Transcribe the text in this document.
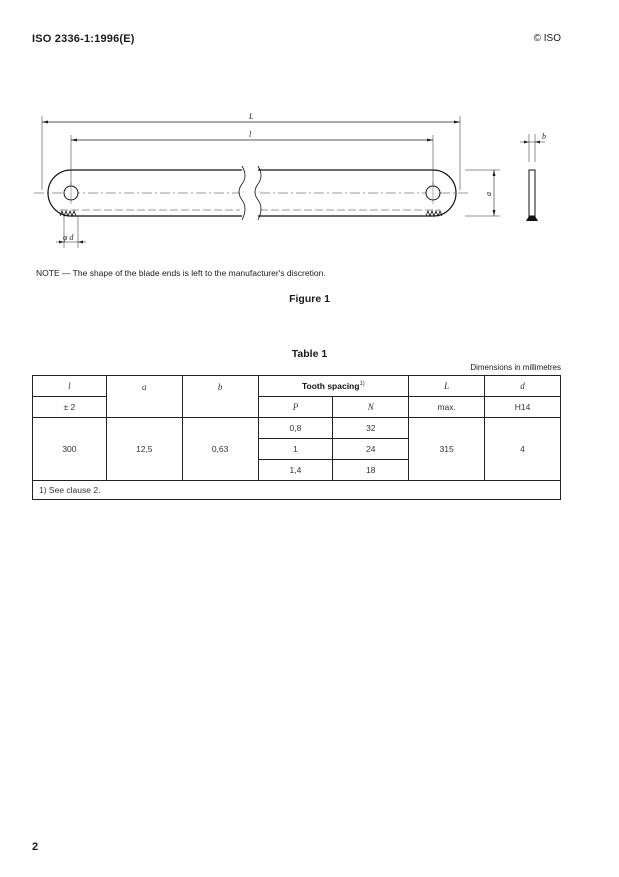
ISO 2336-1:1996(E)	© ISO
L
l
φ d
a
b
NOTE — The shape of the blade ends is left to the manufacturer's discretion.
Figure 1
Table 1
Dimensions in millimetres
l	a	b	Tooth spacing$^{1)}$		L	d
± 2			P	N	max.	H14
300	12,5	0,63	0,8	32	315	4
			1	24		
			1,4	18		
1) See clause 2.						
2
